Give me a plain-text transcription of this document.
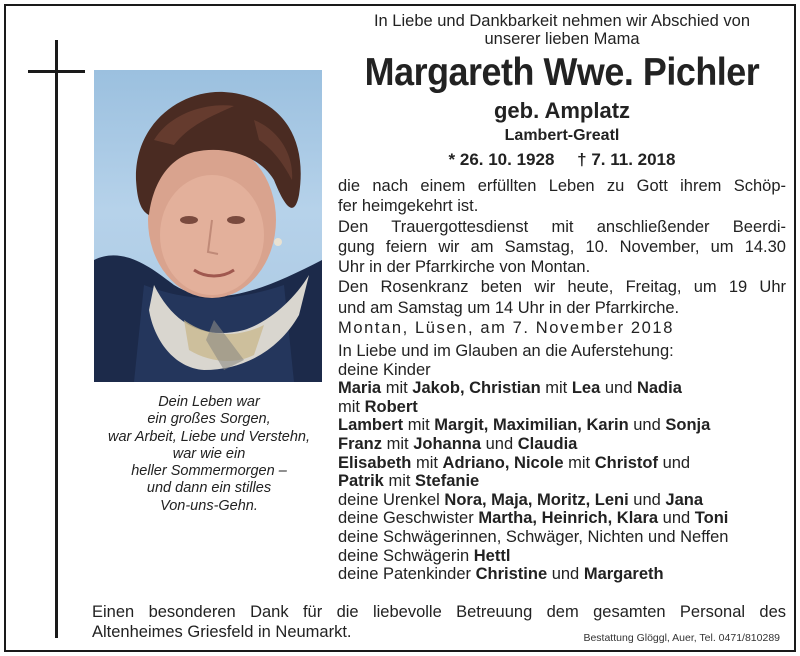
Dein Leben war
ein großes Sorgen,
war Arbeit, Liebe und Verstehn,
war wie ein
heller Sommermorgen –
und dann ein stilles
Von-uns-Gehn.
In Liebe und Dankbarkeit nehmen wir Abschied von
unserer lieben Mama
Margareth Wwe. Pichler
geb. Amplatz
Lambert-Greatl
* 26. 10. 1928 † 7. 11. 2018
die nach einem erfüllten Leben zu Gott ihrem Schöp-
fer heimgekehrt ist.
Den Trauergottesdienst mit anschließender Beerdi-
gung feiern wir am Samstag, 10. November, um 14.30
Uhr in der Pfarrkirche von Montan.
Den Rosenkranz beten wir heute, Freitag, um 19 Uhr
und am Samstag um 14 Uhr in der Pfarrkirche.
Montan, Lüsen, am 7. November 2018
In Liebe und im Glauben an die Auferstehung:
deine Kinder
Maria mit Jakob, Christian mit Lea und Nadia
mit Robert
Lambert mit Margit, Maximilian, Karin und Sonja
Franz mit Johanna und Claudia
Elisabeth mit Adriano, Nicole mit Christof und
Patrik mit Stefanie
deine Urenkel Nora, Maja, Moritz, Leni und Jana
deine Geschwister Martha, Heinrich, Klara und Toni
deine Schwägerinnen, Schwäger, Nichten und Neffen
deine Schwägerin Hettl
deine Patenkinder Christine und Margareth
Einen besonderen Dank für die liebevolle Betreuung dem gesamten Personal des
Altenheimes Griesfeld in Neumarkt.	Bestattung Glöggl, Auer, Tel. 0471/810289
